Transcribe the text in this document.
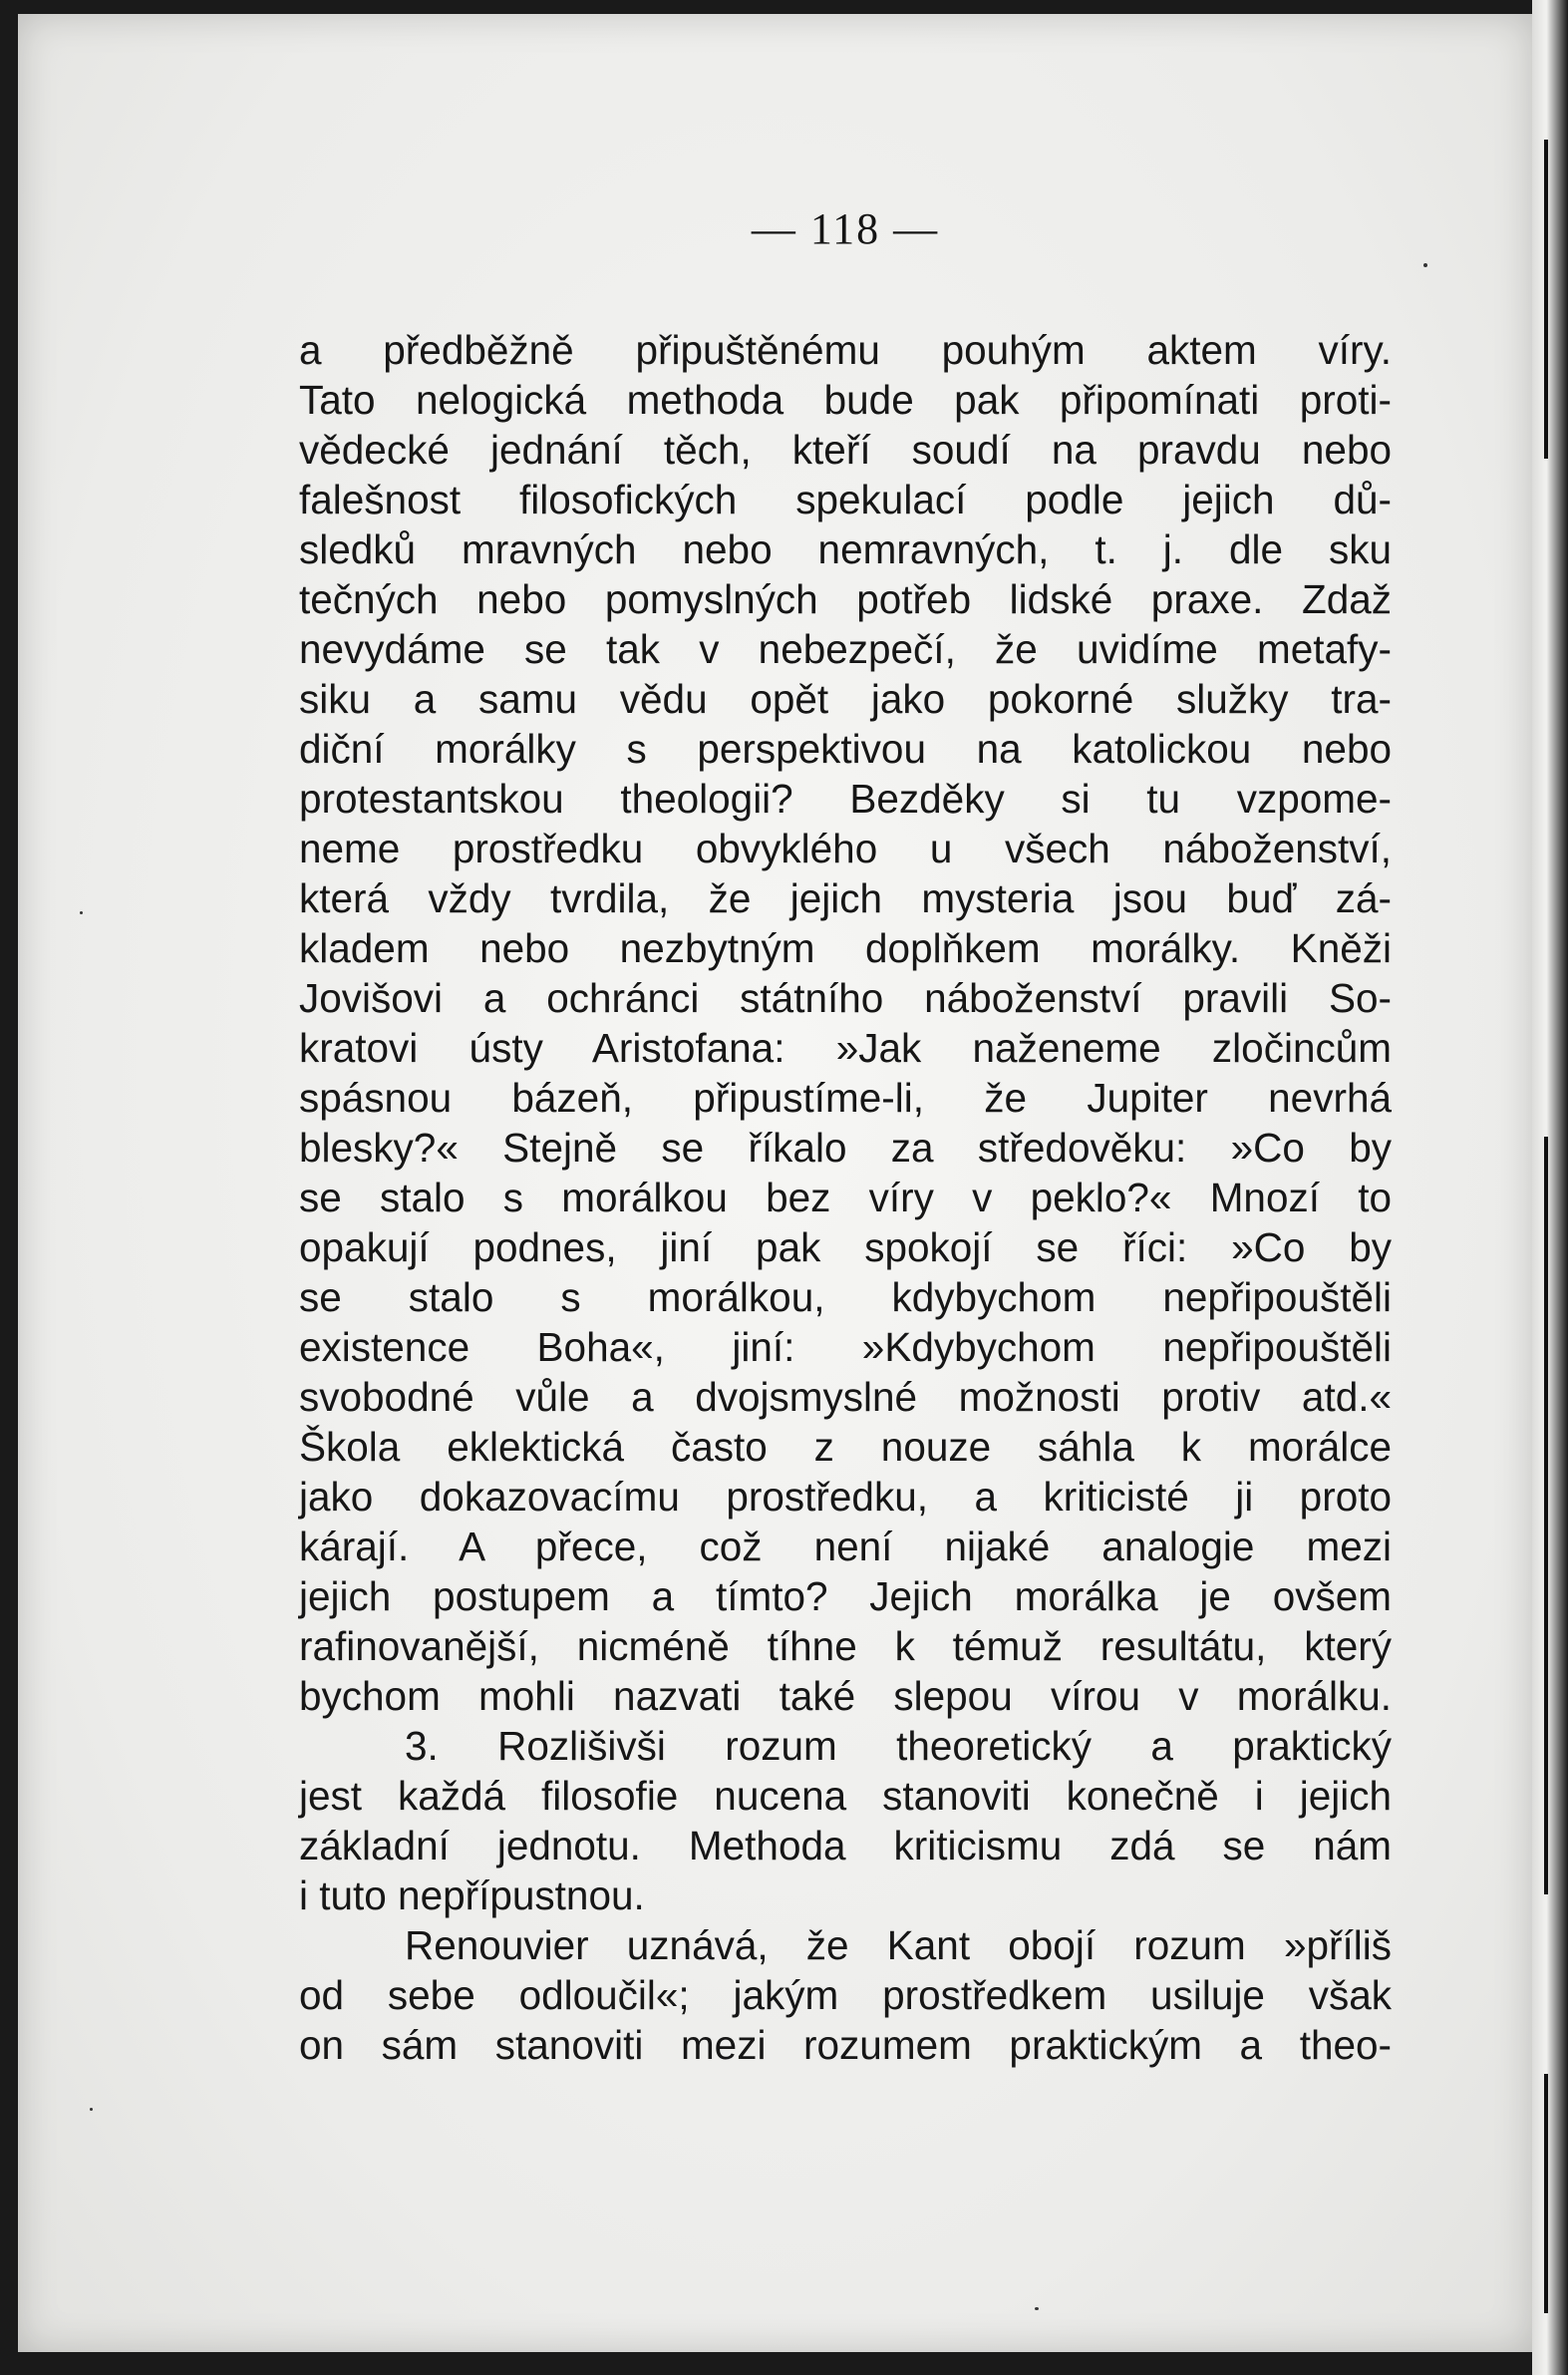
— 118 —
a předběžně připuštěnému pouhým aktem víry.
Tato nelogická methoda bude pak připomínati proti-
vědecké jednání těch, kteří soudí na pravdu nebo
falešnost filosofických spekulací podle jejich dů-
sledků mravných nebo nemravných, t. j. dle sku
tečných nebo pomyslných potřeb lidské praxe. Zdaž
nevydáme se tak v nebezpečí, že uvidíme metafy-
siku a samu vědu opět jako pokorné služky tra-
diční morálky s perspektivou na katolickou nebo
protestantskou theologii? Bezděky si tu vzpome-
neme prostředku obvyklého u všech náboženství,
která vždy tvrdila, že jejich mysteria jsou buď zá-
kladem nebo nezbytným doplňkem morálky. Kněži
Jovišovi a ochránci státního náboženství pravili So-
kratovi ústy Aristofana: »Jak naženeme zločincům
spásnou bázeň, připustíme-li, že Jupiter nevrhá
blesky?« Stejně se říkalo za středověku: »Co by
se stalo s morálkou bez víry v peklo?« Mnozí to
opakují podnes, jiní pak spokojí se říci: »Co by
se stalo s morálkou, kdybychom nepřipouštěli
existence Boha«, jiní: »Kdybychom nepřipouštěli
svobodné vůle a dvojsmyslné možnosti protiv atd.«
Škola eklektická často z nouze sáhla k morálce
jako dokazovacímu prostředku, a kriticisté ji proto
kárají. A přece, což není nijaké analogie mezi
jejich postupem a tímto? Jejich morálka je ovšem
rafinovanější, nicméně tíhne k témuž resultátu, který
bychom mohli nazvati také slepou vírou v morálku.
3. Rozlišivši rozum theoretický a praktický
jest každá filosofie nucena stanoviti konečně i jejich
základní jednotu. Methoda kriticismu zdá se nám
i tuto nepřípustnou.
Renouvier uznává, že Kant obojí rozum »příliš
od sebe odloučil«; jakým prostředkem usiluje však
on sám stanoviti mezi rozumem praktickým a theo-
